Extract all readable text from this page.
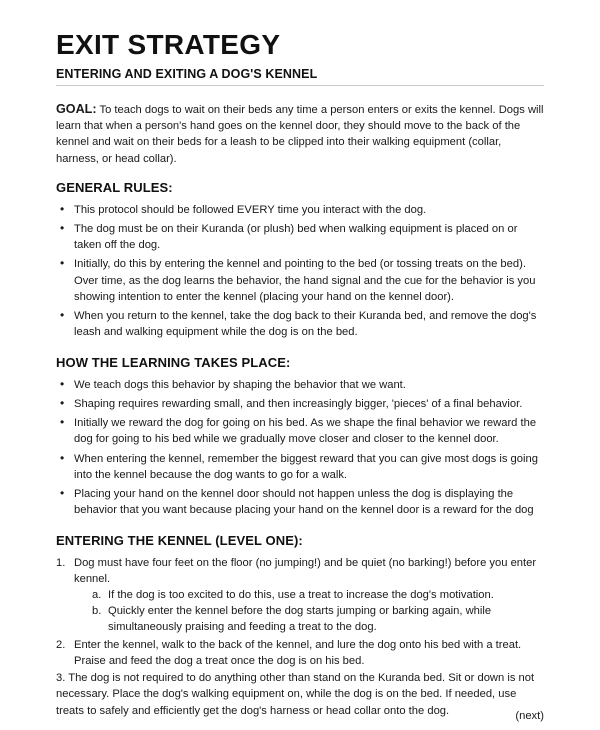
EXIT STRATEGY
ENTERING AND EXITING A DOG'S KENNEL

GOAL: To teach dogs to wait on their beds any time a person enters or exits the kennel. Dogs will learn that when a person's hand goes on the kennel door, they should move to the back of the kennel and wait on their beds for a leash to be clipped into their walking equipment (collar, harness, or head collar).

GENERAL RULES:
• This protocol should be followed EVERY time you interact with the dog.
• The dog must be on their Kuranda (or plush) bed when walking equipment is placed on or taken off the dog.
• Initially, do this by entering the kennel and pointing to the bed (or tossing treats on the bed). Over time, as the dog learns the behavior, the hand signal and the cue for the behavior is you showing intention to enter the kennel (placing your hand on the kennel door).
• When you return to the kennel, take the dog back to their Kuranda bed, and remove the dog's leash and walking equipment while the dog is on the bed.
HOW THE LEARNING TAKES PLACE:
• We teach dogs this behavior by shaping the behavior that we want.
• Shaping requires rewarding small, and then increasingly bigger, 'pieces' of a final behavior.
• Initially we reward the dog for going on his bed. As we shape the final behavior we reward the dog for going to his bed while we gradually move closer and closer to the kennel door.
• When entering the kennel, remember the biggest reward that you can give most dogs is going into the kennel because the dog wants to go for a walk.
• Placing your hand on the kennel door should not happen unless the dog is displaying the behavior that you want because placing your hand on the kennel door is a reward for the dog
ENTERING THE KENNEL (LEVEL ONE):
1. Dog must have four feet on the floor (no jumping!) and be quiet (no barking!) before you enter kennel.
a. If the dog is too excited to do this, use a treat to increase the dog's motivation.
b. Quickly enter the kennel before the dog starts jumping or barking again, while simultaneously praising and feeding a treat to the dog.
2. Enter the kennel, walk to the back of the kennel, and lure the dog onto his bed with a treat. Praise and feed the dog a treat once the dog is on his bed.

3. The dog is not required to do anything other than stand on the Kuranda bed. Sit or down is not necessary. Place the dog's walking equipment on, while the dog is on the bed. If needed, use treats to safely and efficiently get the dog's harness or head collar onto the dog.	(next)
